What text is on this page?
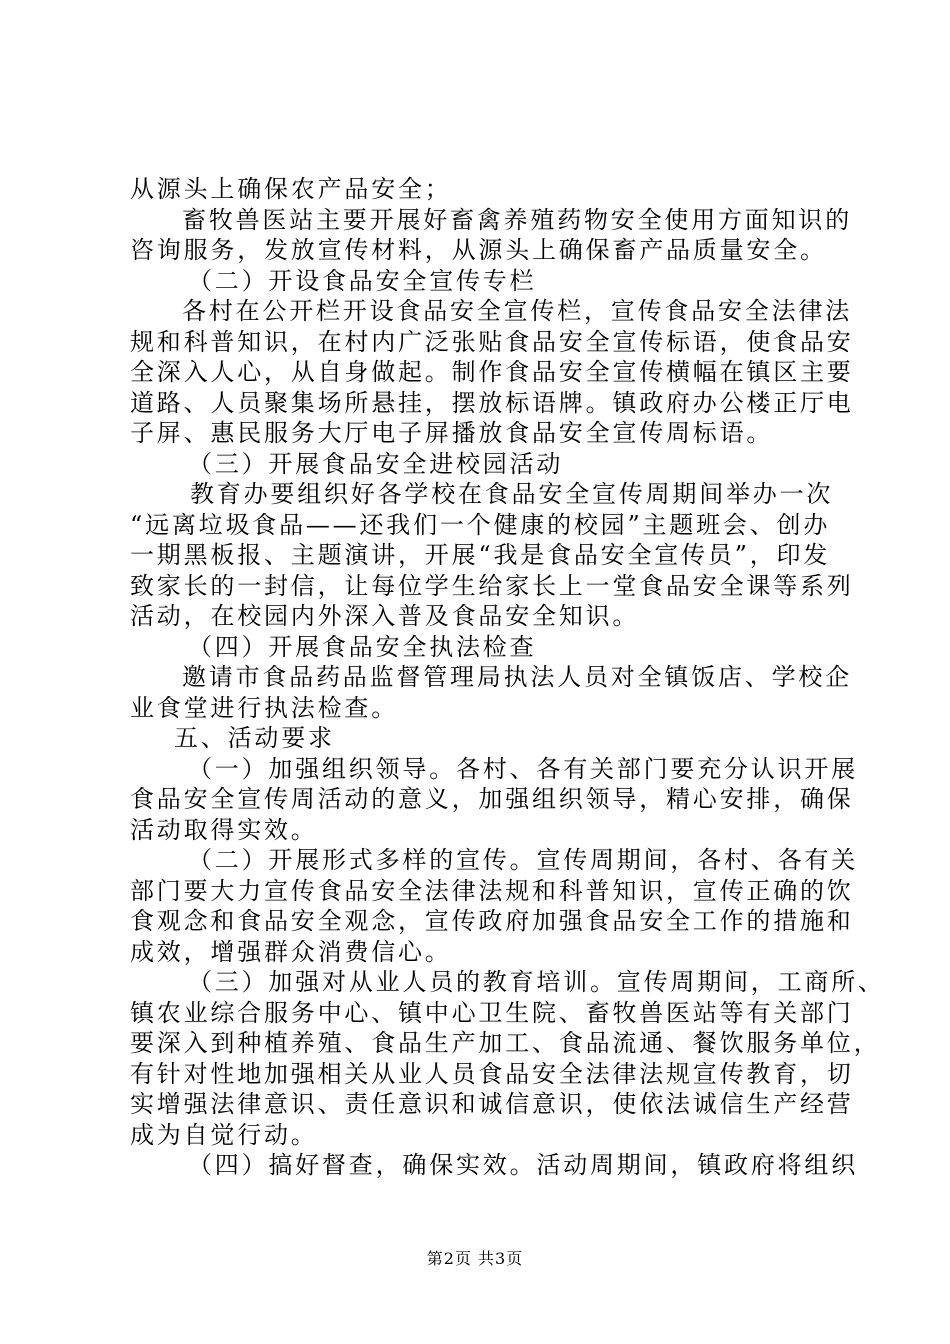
从源头上确保农产品安全；
畜牧兽医站主要开展好畜禽养殖药物安全使用方面知识的
咨询服务，发放宣传材料，从源头上确保畜产品质量安全。
（二）开设食品安全宣传专栏
各村在公开栏开设食品安全宣传栏，宣传食品安全法律法
规和科普知识，在村内广泛张贴食品安全宣传标语，使食品安
全深入人心，从自身做起。制作食品安全宣传横幅在镇区主要
道路、人员聚集场所悬挂，摆放标语牌。镇政府办公楼正厅电
子屏、惠民服务大厅电子屏播放食品安全宣传周标语。
（三）开展食品安全进校园活动
教育办要组织好各学校在食品安全宣传周期间举办一次
“远离垃圾食品——还我们一个健康的校园”主题班会、创办
一期黑板报、主题演讲，开展“我是食品安全宣传员”，印发
致家长的一封信，让每位学生给家长上一堂食品安全课等系列
活动，在校园内外深入普及食品安全知识。
（四）开展食品安全执法检查
邀请市食品药品监督管理局执法人员对全镇饭店、学校企
业食堂进行执法检查。
五、活动要求
（一）加强组织领导。各村、各有关部门要充分认识开展
食品安全宣传周活动的意义，加强组织领导，精心安排，确保
活动取得实效。
（二）开展形式多样的宣传。宣传周期间，各村、各有关
部门要大力宣传食品安全法律法规和科普知识，宣传正确的饮
食观念和食品安全观念，宣传政府加强食品安全工作的措施和
成效，增强群众消费信心。
（三）加强对从业人员的教育培训。宣传周期间，工商所、
镇农业综合服务中心、镇中心卫生院、畜牧兽医站等有关部门
要深入到种植养殖、食品生产加工、食品流通、餐饮服务单位，
有针对性地加强相关从业人员食品安全法律法规宣传教育，切
实增强法律意识、责任意识和诚信意识，使依法诚信生产经营
成为自觉行动。
（四）搞好督查，确保实效。活动周期间，镇政府将组织
第2页 共3页
